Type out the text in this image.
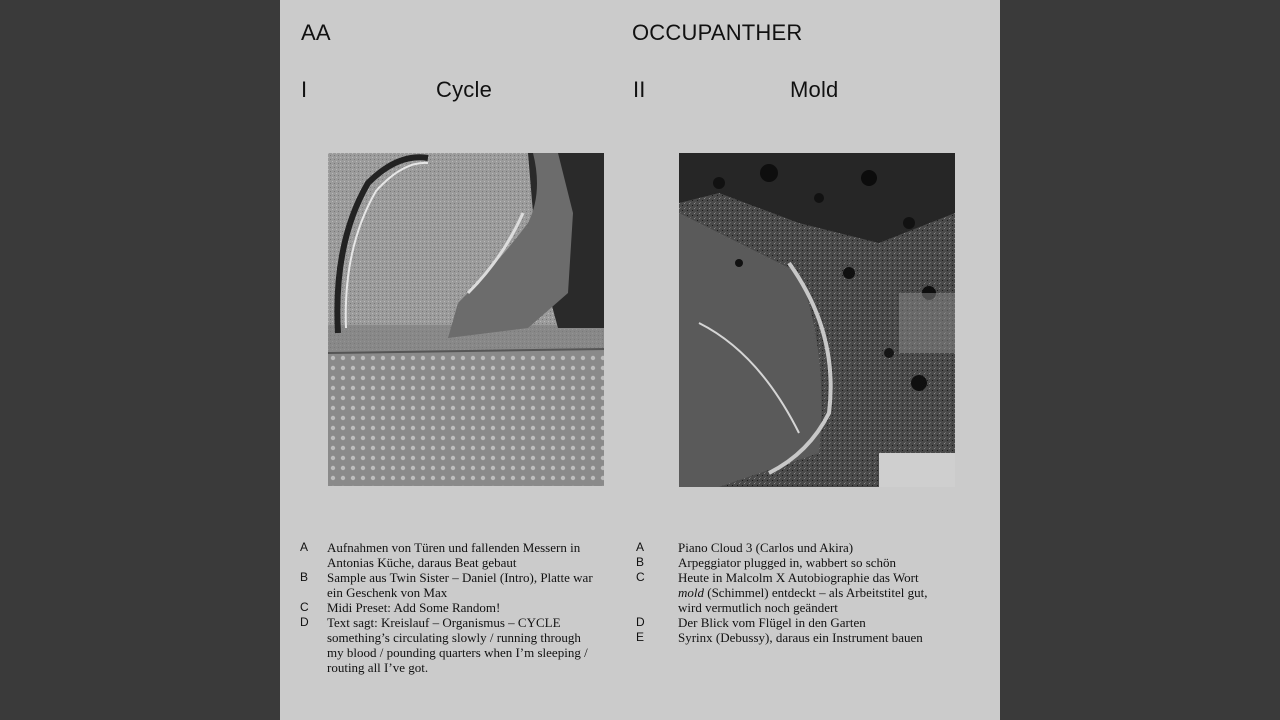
AA	OCCUPANTHER
I	Cycle	II	Mold
A Aufnahmen von Türen und fallenden Messern in Antonias Küche, daraus Beat gebaut
B Sample aus Twin Sister – Daniel (Intro), Platte war ein Geschenk von Max
C Midi Preset: Add Some Random!
D Text sagt: Kreislauf – Organismus – CYCLE something’s circulating slowly / running through my blood / pounding quarters when I’m sleeping / routing all I’ve got.
A	Piano Cloud 3 (Carlos und Akira)
B	Arpeggiator plugged in, wabbert so schön
C	Heute in Malcolm X Autobiographie das Wort mold (Schimmel) entdeckt – als Arbeitstitel gut, wird vermutlich noch geändert
D	Der Blick vom Flügel in den Garten
E	Syrinx (Debussy), daraus ein Instrument bauen
